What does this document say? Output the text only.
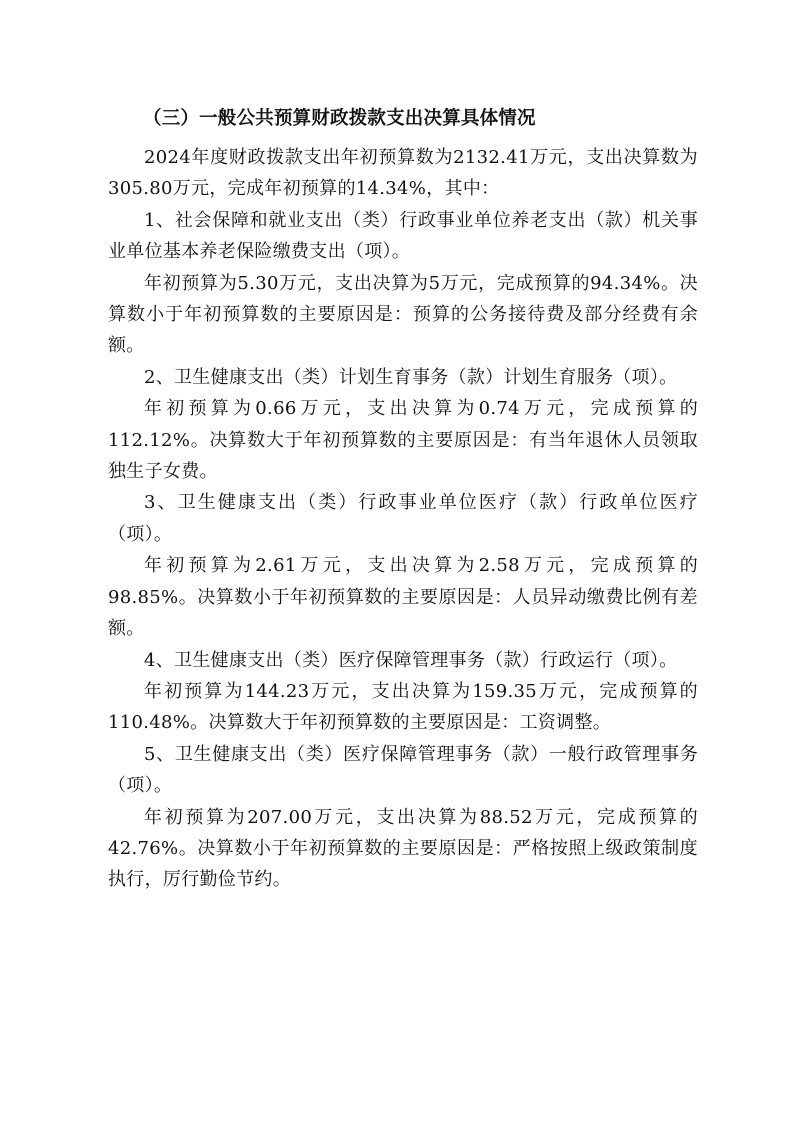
（三）一般公共预算财政拨款支出决算具体情况

2024年度财政拨款支出年初预算数为2132.41万元，支出决算数为305.80万元，完成年初预算的14.34%，其中：

1、社会保障和就业支出（类）行政事业单位养老支出（款）机关事业单位基本养老保险缴费支出（项）。

年初预算为5.30万元，支出决算为5万元，完成预算的94.34%。决算数小于年初预算数的主要原因是：预算的公务接待费及部分经费有余额。

2、卫生健康支出（类）计划生育事务（款）计划生育服务（项）。

年初预算为0.66万元，支出决算为0.74万元，完成预算的112.12%。决算数大于年初预算数的主要原因是：有当年退休人员领取独生子女费。

3、卫生健康支出（类）行政事业单位医疗（款）行政单位医疗（项）。

年初预算为2.61万元，支出决算为2.58万元，完成预算的98.85%。决算数小于年初预算数的主要原因是：人员异动缴费比例有差额。

4、卫生健康支出（类）医疗保障管理事务（款）行政运行（项）。

年初预算为144.23万元，支出决算为159.35万元，完成预算的110.48%。决算数大于年初预算数的主要原因是：工资调整。

5、卫生健康支出（类）医疗保障管理事务（款）一般行政管理事务（项）。

年初预算为207.00万元，支出决算为88.52万元，完成预算的42.76%。决算数小于年初预算数的主要原因是：严格按照上级政策制度执行，厉行勤俭节约。
